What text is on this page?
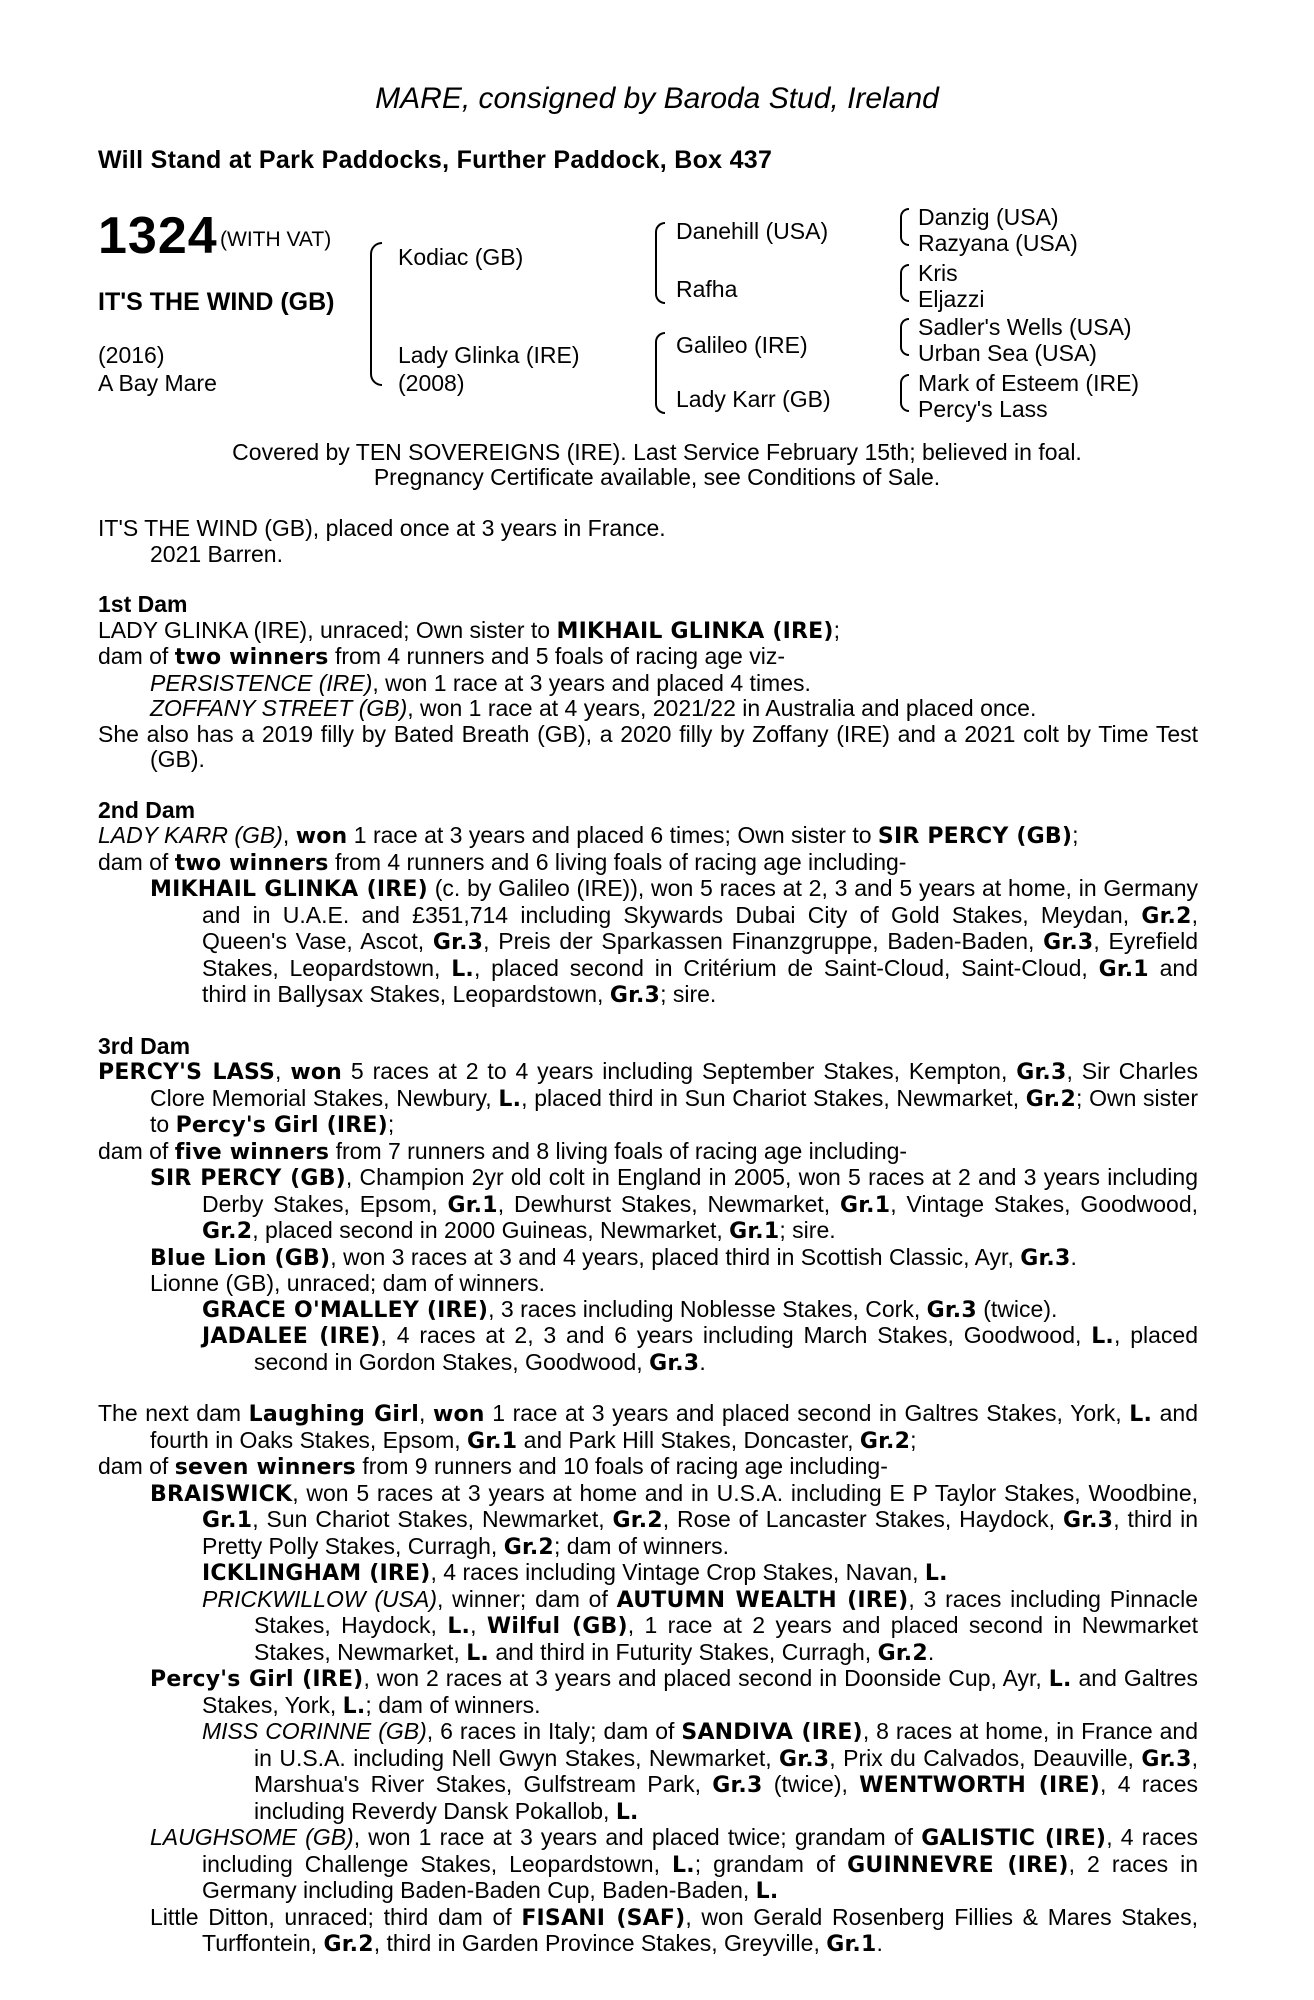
MARE, consigned by Baroda Stud, Ireland
Will Stand at Park Paddocks, Further Paddock, Box 437
1324 (WITH VAT)
IT'S THE WIND (GB)
(2016)
A Bay Mare
Kodiac (GB)
Lady Glinka (IRE)
(2008)
Danehill (USA)
Rafha
Galileo (IRE)
Lady Karr (GB)
Danzig (USA)
Razyana (USA)
Kris
Eljazzi
Sadler's Wells (USA)
Urban Sea (USA)
Mark of Esteem (IRE)
Percy's Lass
Covered by TEN SOVEREIGNS (IRE). Last Service February 15th; believed in foal.
Pregnancy Certificate available, see Conditions of Sale.

IT'S THE WIND (GB), placed once at 3 years in France.

2021 Barren.

1st Dam

LADY GLINKA (IRE), unraced; Own sister to MIKHAIL GLINKA (IRE);

dam of two winners from 4 runners and 5 foals of racing age viz-

PERSISTENCE (IRE), won 1 race at 3 years and placed 4 times.

ZOFFANY STREET (GB), won 1 race at 4 years, 2021/22 in Australia and placed once.

She also has a 2019 filly by Bated Breath (GB), a 2020 filly by Zoffany (IRE) and a 2021 colt by Time Test (GB).

2nd Dam

LADY KARR (GB), won 1 race at 3 years and placed 6 times; Own sister to SIR PERCY (GB);

dam of two winners from 4 runners and 6 living foals of racing age including-

MIKHAIL GLINKA (IRE) (c. by Galileo (IRE)), won 5 races at 2, 3 and 5 years at home, in Germany and in U.A.E. and £351,714 including Skywards Dubai City of Gold Stakes, Meydan, Gr.2, Queen's Vase, Ascot, Gr.3, Preis der Sparkassen Finanzgruppe, Baden-Baden, Gr.3, Eyrefield Stakes, Leopardstown, L., placed second in Critérium de Saint-Cloud, Saint-Cloud, Gr.1 and third in Ballysax Stakes, Leopardstown, Gr.3; sire.

3rd Dam

PERCY'S LASS, won 5 races at 2 to 4 years including September Stakes, Kempton, Gr.3, Sir Charles Clore Memorial Stakes, Newbury, L., placed third in Sun Chariot Stakes, Newmarket, Gr.2; Own sister to Percy's Girl (IRE);

dam of five winners from 7 runners and 8 living foals of racing age including-

SIR PERCY (GB), Champion 2yr old colt in England in 2005, won 5 races at 2 and 3 years including Derby Stakes, Epsom, Gr.1, Dewhurst Stakes, Newmarket, Gr.1, Vintage Stakes, Goodwood, Gr.2, placed second in 2000 Guineas, Newmarket, Gr.1; sire.

Blue Lion (GB), won 3 races at 3 and 4 years, placed third in Scottish Classic, Ayr, Gr.3.

Lionne (GB), unraced; dam of winners.

GRACE O'MALLEY (IRE), 3 races including Noblesse Stakes, Cork, Gr.3 (twice).

JADALEE (IRE), 4 races at 2, 3 and 6 years including March Stakes, Goodwood, L., placed second in Gordon Stakes, Goodwood, Gr.3.

The next dam Laughing Girl, won 1 race at 3 years and placed second in Galtres Stakes, York, L. and fourth in Oaks Stakes, Epsom, Gr.1 and Park Hill Stakes, Doncaster, Gr.2;

dam of seven winners from 9 runners and 10 foals of racing age including-

BRAISWICK, won 5 races at 3 years at home and in U.S.A. including E P Taylor Stakes, Woodbine, Gr.1, Sun Chariot Stakes, Newmarket, Gr.2, Rose of Lancaster Stakes, Haydock, Gr.3, third in Pretty Polly Stakes, Curragh, Gr.2; dam of winners.

ICKLINGHAM (IRE), 4 races including Vintage Crop Stakes, Navan, L.

PRICKWILLOW (USA), winner; dam of AUTUMN WEALTH (IRE), 3 races including Pinnacle Stakes, Haydock, L., Wilful (GB), 1 race at 2 years and placed second in Newmarket Stakes, Newmarket, L. and third in Futurity Stakes, Curragh, Gr.2.

Percy's Girl (IRE), won 2 races at 3 years and placed second in Doonside Cup, Ayr, L. and Galtres Stakes, York, L.; dam of winners.

MISS CORINNE (GB), 6 races in Italy; dam of SANDIVA (IRE), 8 races at home, in France and in U.S.A. including Nell Gwyn Stakes, Newmarket, Gr.3, Prix du Calvados, Deauville, Gr.3, Marshua's River Stakes, Gulfstream Park, Gr.3 (twice), WENTWORTH (IRE), 4 races including Reverdy Dansk Pokallob, L.

LAUGHSOME (GB), won 1 race at 3 years and placed twice; grandam of GALISTIC (IRE), 4 races including Challenge Stakes, Leopardstown, L.; grandam of GUINNEVRE (IRE), 2 races in Germany including Baden-Baden Cup, Baden-Baden, L.

Little Ditton, unraced; third dam of FISANI (SAF), won Gerald Rosenberg Fillies & Mares Stakes, Turffontein, Gr.2, third in Garden Province Stakes, Greyville, Gr.1.
